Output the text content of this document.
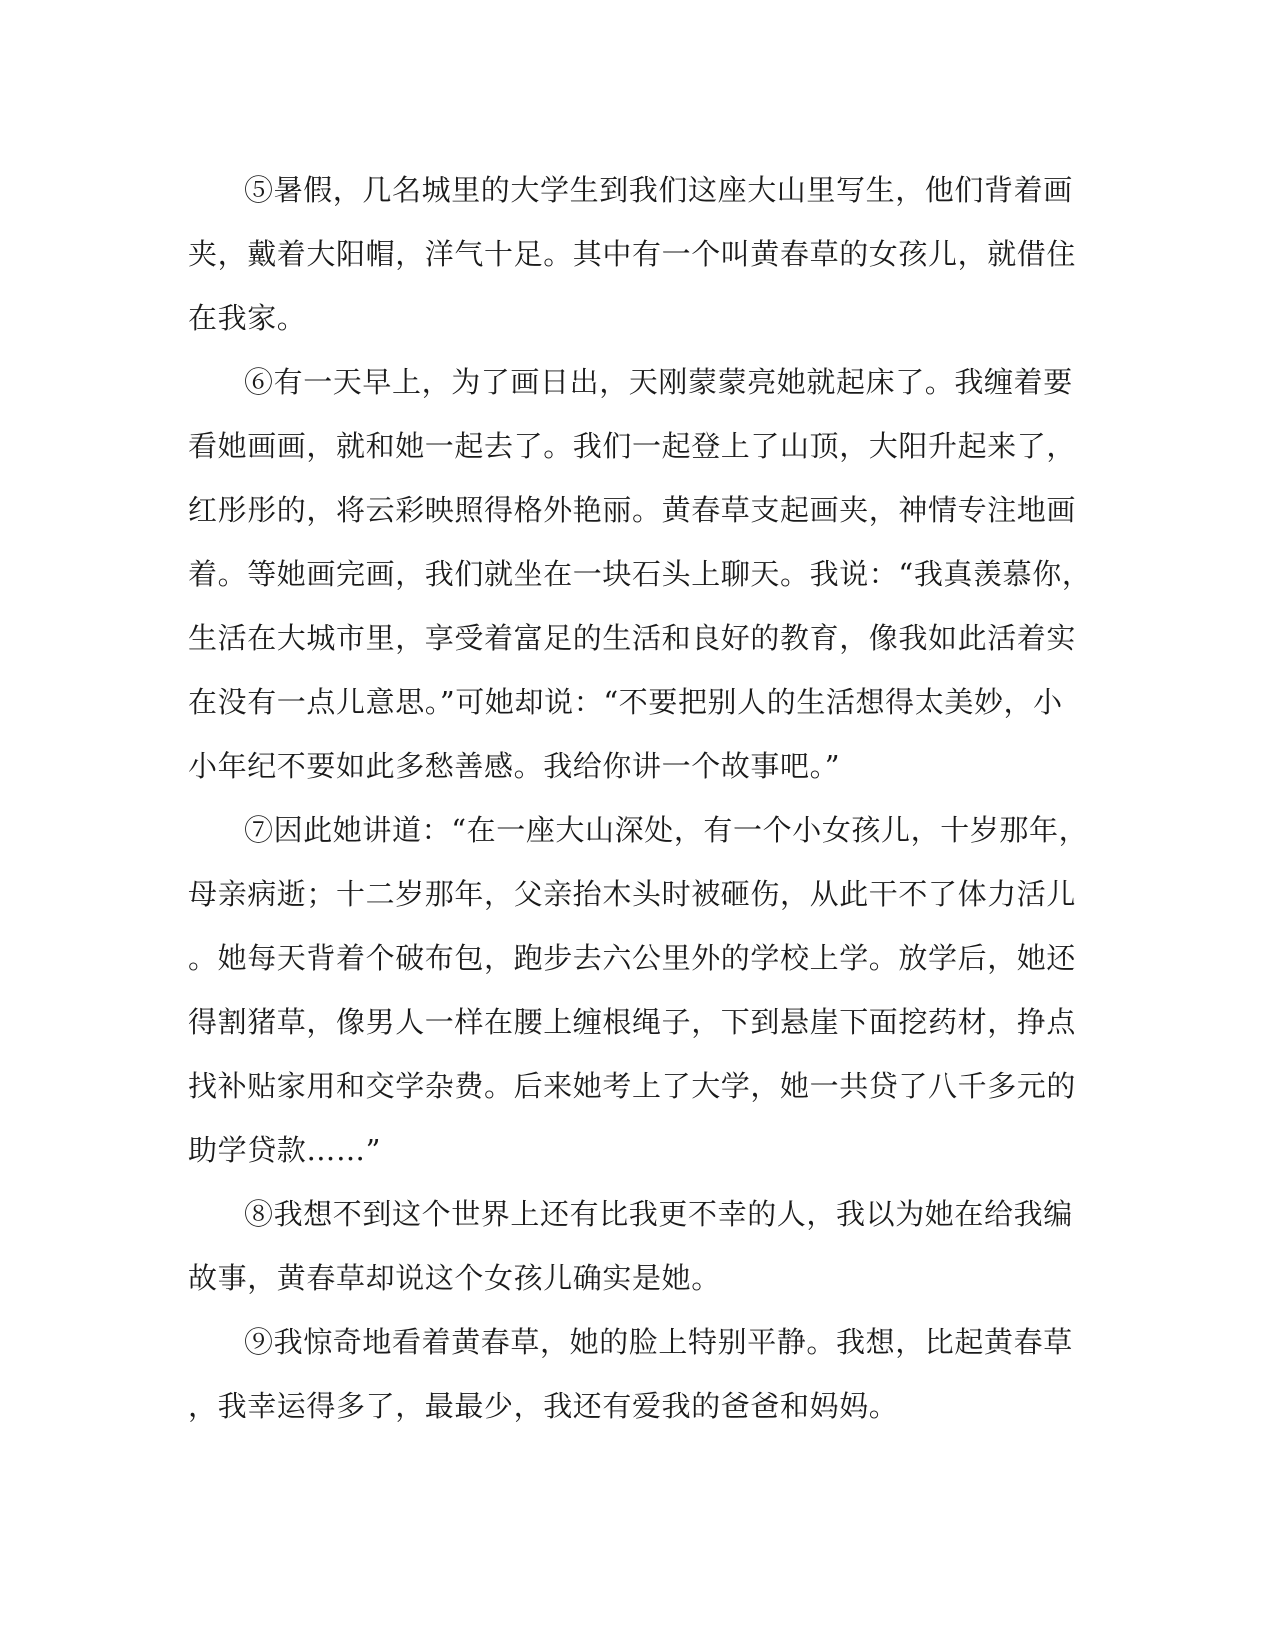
⑤暑假，几名城里的大学生到我们这座大山里写生，他们背着画
夹，戴着大阳帽，洋气十足。其中有一个叫黄春草的女孩儿，就借住
在我家。
⑥有一天早上，为了画日出，天刚蒙蒙亮她就起床了。我缠着要
看她画画，就和她一起去了。我们一起登上了山顶，大阳升起来了，
红彤彤的，将云彩映照得格外艳丽。黄春草支起画夹，神情专注地画
着。等她画完画，我们就坐在一块石头上聊天。我说：“我真羡慕你，
生活在大城市里，享受着富足的生活和良好的教育，像我如此活着实
在没有一点儿意思。”可她却说：“不要把别人的生活想得太美妙，小
小年纪不要如此多愁善感。我给你讲一个故事吧。”
⑦因此她讲道：“在一座大山深处，有一个小女孩儿，十岁那年，
母亲病逝；十二岁那年，父亲抬木头时被砸伤，从此干不了体力活儿
。她每天背着个破布包，跑步去六公里外的学校上学。放学后，她还
得割猪草，像男人一样在腰上缠根绳子，下到悬崖下面挖药材，挣点
找补贴家用和交学杂费。后来她考上了大学，她一共贷了八千多元的
助学贷款……”
⑧我想不到这个世界上还有比我更不幸的人，我以为她在给我编
故事，黄春草却说这个女孩儿确实是她。
⑨我惊奇地看着黄春草，她的脸上特别平静。我想，比起黄春草
，我幸运得多了，最最少，我还有爱我的爸爸和妈妈。
